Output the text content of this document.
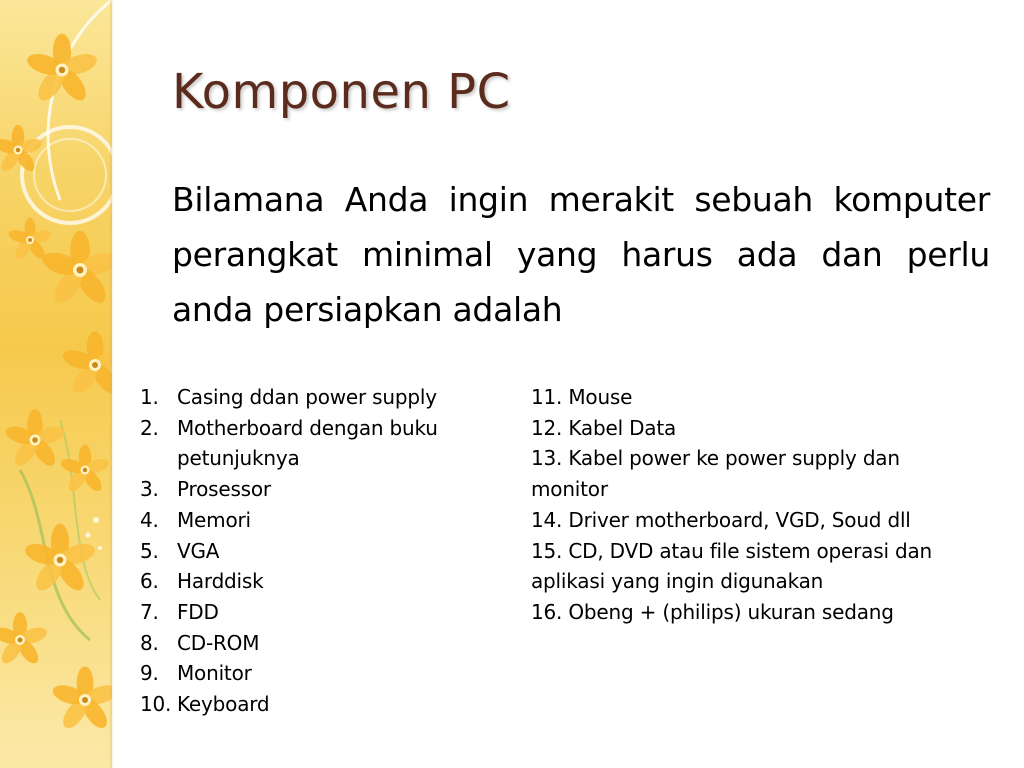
Komponen PC
Bilamana Anda ingin merakit sebuah komputer perangkat minimal yang harus ada dan perlu anda persiapkan adalah
1. Casing ddan power supply
2. Motherboard dengan buku petunjuknya
3. Prosessor
4. Memori
5. VGA
6. Harddisk
7. FDD
8. CD-ROM
9. Monitor
10. Keyboard
11. Mouse
12. Kabel Data
13. Kabel power ke power supply dan monitor
14. Driver motherboard, VGD, Soud dll
15. CD, DVD atau file sistem operasi dan aplikasi yang ingin digunakan
16. Obeng + (philips) ukuran sedang
